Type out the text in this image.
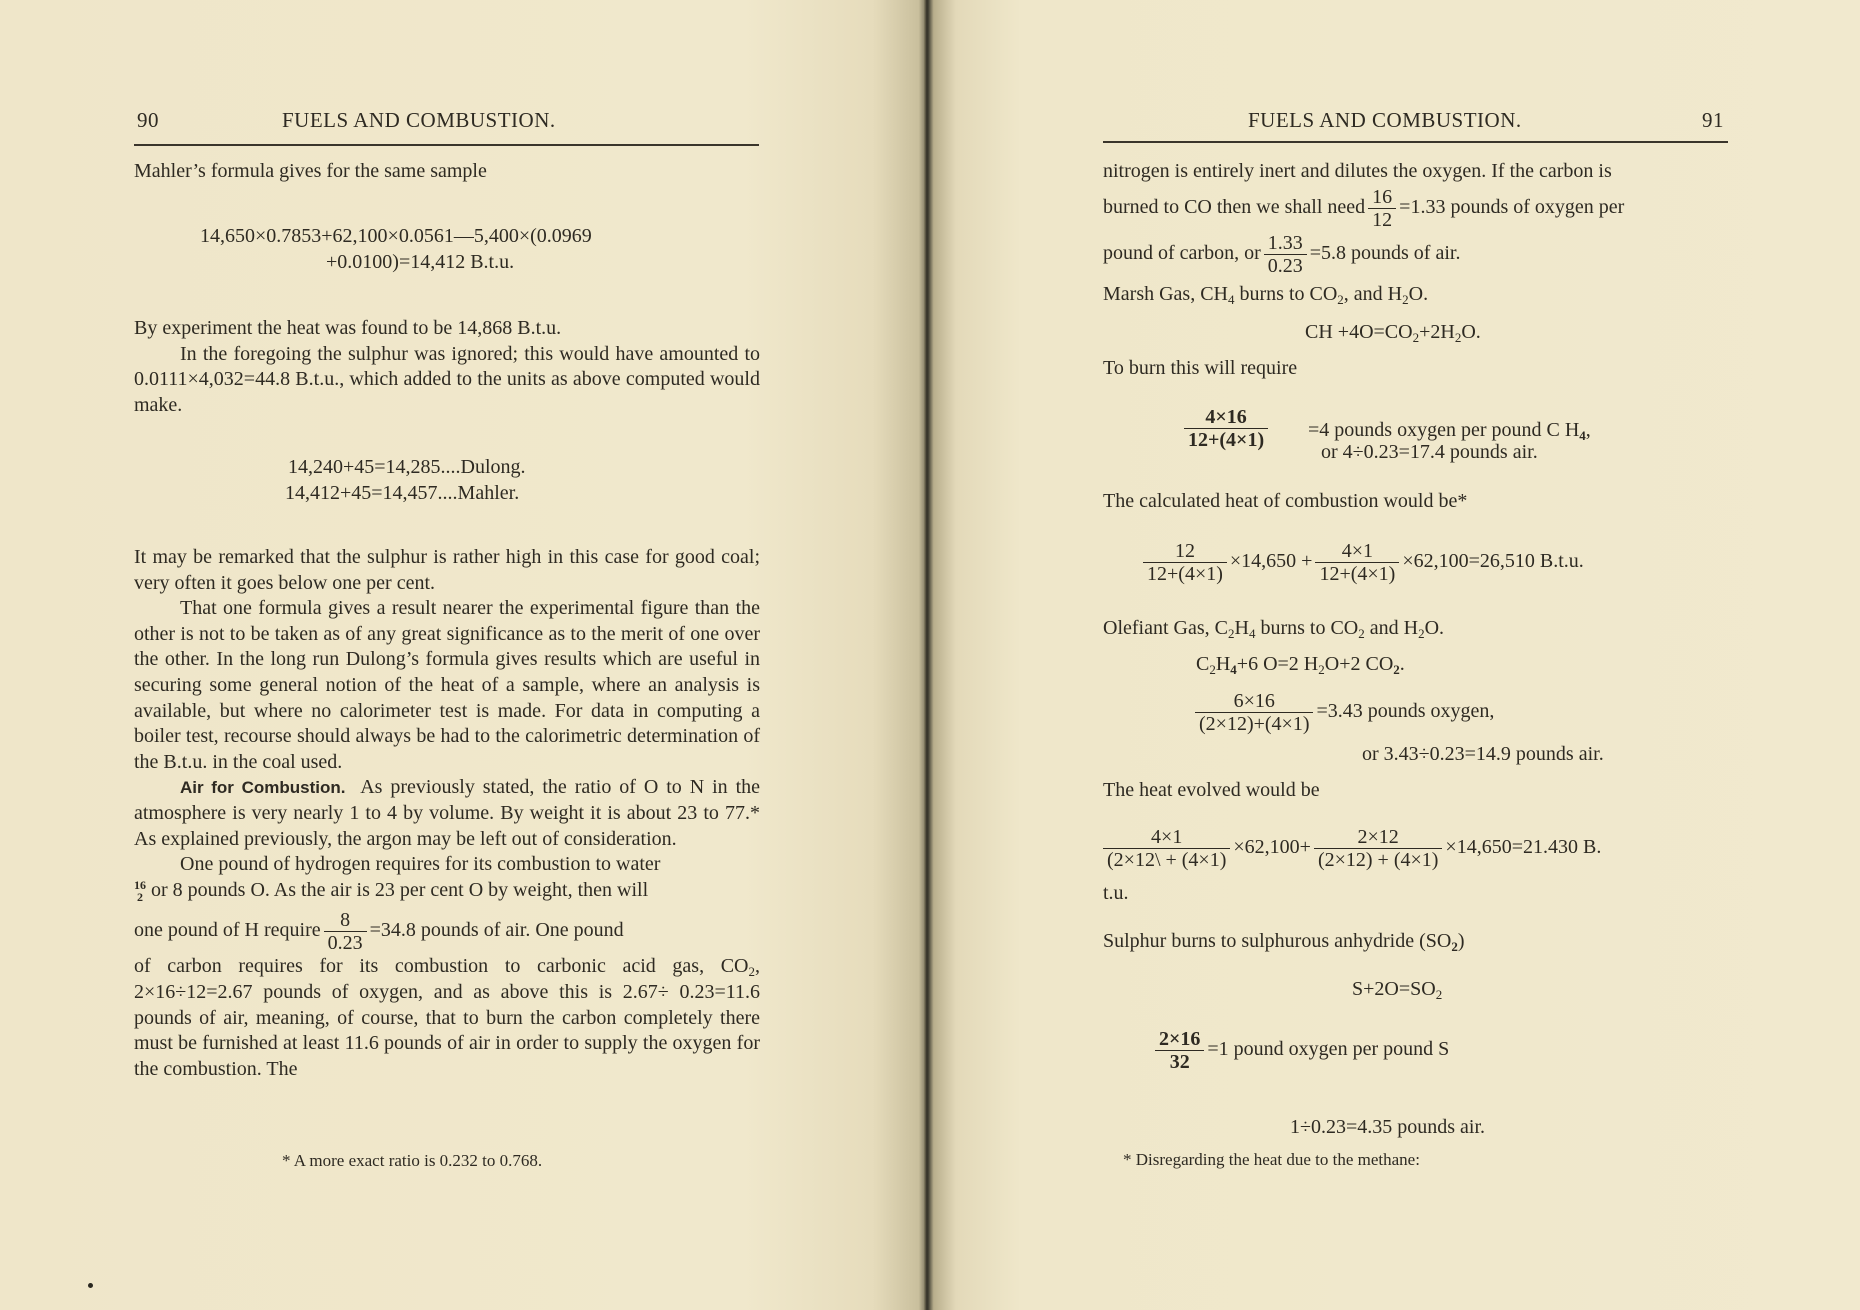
90	FUELS AND COMBUSTION.
Mahler’s formula gives for the same sample
14,650×0.7853+62,100×0.0561—5,400×(0.0969
+0.0100)=14,412 B.t.u.

By experiment the heat was found to be 14,868 B.t.u.

In the foregoing the sulphur was ignored; this would have amounted to 0.0111×4,032=44.8 B.t.u., which added to the units as above computed would make.

14,240+45=14,285....Dulong.
14,412+45=14,457....Mahler.

It may be remarked that the sulphur is rather high in this case for good coal; very often it goes below one per cent.

That one formula gives a result nearer the experimental figure than the other is not to be taken as of any great significance as to the merit of one over the other. In the long run Dulong’s formula gives results which are useful in securing some general notion of the heat of a sample, where an analysis is available, but where no calorimeter test is made. For data in computing a boiler test, recourse should always be had to the calorimetric determination of the B.t.u. in the coal used.

Air for Combustion. As previously stated, the ratio of O to N in the atmosphere is very nearly 1 to 4 by volume. By weight it is about 23 to 77.* As explained previously, the argon may be left out of consideration.

One pound of hydrogen requires for its combustion to water

16
2 or 8 pounds O. As the air is 23 per cent O by weight, then will

one pound of H require $\frac{8}{0.23} =34.8$ pounds of air. One pound

of carbon requires for its combustion to carbonic acid gas, $CO_2$, 2×16÷12=2.67 pounds of oxygen, and as above this is 2.67÷ 0.23=11.6 pounds of air, meaning, of course, that to burn the carbon completely there must be furnished at least 11.6 pounds of air in order to supply the oxygen for the combustion. The

* A more exact ratio is 0.232 to 0.768.
FUELS AND COMBUSTION.	91
nitrogen is entirely inert and dilutes the oxygen. If the carbon is
burned to CO then we shall need $\frac{16}{12} =1.33$ pounds of oxygen per
pound of carbon, or $\frac{1.33}{0.23} =5.8$ pounds of air.
Marsh Gas, $CH_4$ burns to $CO_2$, and $H_2O$.
CH $+4O=CO_2+2H_2O$.
To burn this will require
$\frac{4\times 16}{12+(4\times 1)} =4$ pounds oxygen per pound C $H_4$,
or 4÷0.23=17.4 pounds air.
The calculated heat of combustion would be*
$\frac{12}{12+(4\times 1)} \times 14,650 + \frac{4\times 1}{12+(4\times 1)} \times 62,100=26,510$ B.t.u.
Olefiant Gas, $C_2H_4$ burns to $CO_2$ and $H_2O$.
$C_2H_4+6$ O=2 $H_2O+2$ $CO_2$.
$\frac{6\times 16}{(2\times 12)+(4\times 1)} =3.43$ pounds oxygen,
or 3.43÷0.23=14.9 pounds air.
The heat evolved would be
$\frac{4\times 1}{(2\times 12\backslash + (4\times 1)} \times 62,100+ \frac{2\times 12}{(2\times 12) + (4\times 1)} \times 14,650=21.430$ B.
t.u.
Sulphur burns to sulphurous anhydride $(SO_2)$
$S+2O=SO_2$
$\frac{2\times 16}{32} =1$ pound oxygen per pound S
1÷0.23=4.35 pounds air.
* Disregarding the heat due to the methane:
